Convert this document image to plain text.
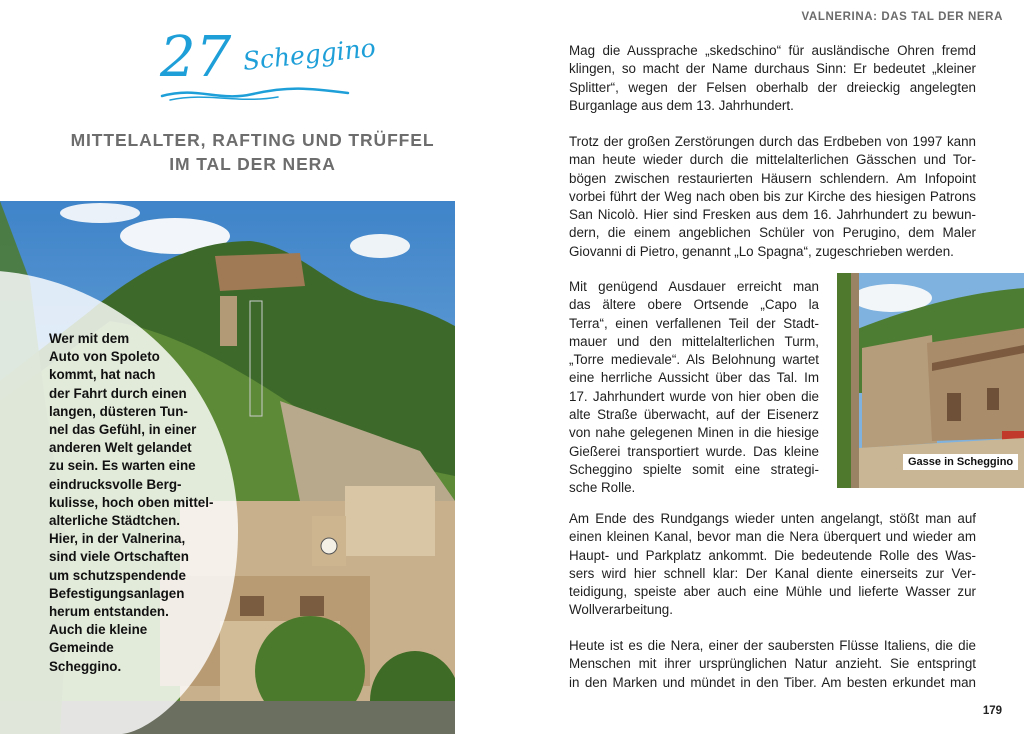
VALNERINA: DAS TAL DER NERA
27 Scheggino
MITTELALTER, RAFTING UND TRÜFFEL
IM TAL DER NERA
Wer mit dem
Auto von Spoleto
kommt, hat nach
der Fahrt durch einen
langen, düsteren Tun-
nel das Gefühl, in einer
anderen Welt gelandet
zu sein. Es warten eine
eindrucksvolle Berg-
kulisse, hoch oben mittel-
alterliche Städtchen.
Hier, in der Valnerina,
sind viele Ortschaften
um schutzspendende
Befestigungsanlagen
herum entstanden.
Auch die kleine
Gemeinde
Scheggino.
Mag die Aussprache „skedschino“ für ausländische Ohren fremd
klingen, so macht der Name durchaus Sinn: Er bedeutet „kleiner
Splitter“, wegen der Felsen oberhalb der dreieckig angelegten
Burganlage aus dem 13. Jahrhundert.
Trotz der großen Zerstörungen durch das Erdbeben von 1997 kann
man heute wieder durch die mittelalterlichen Gässchen und Tor-
bögen zwischen restaurierten Häusern schlendern. Am Infopoint
vorbei führt der Weg nach oben bis zur Kirche des hiesigen Patrons
San Nicolò. Hier sind Fresken aus dem 16. Jahrhundert zu bewun-
dern, die einem angeblichen Schüler von Perugino, dem Maler
Giovanni di Pietro, genannt „Lo Spagna“, zugeschrieben werden.
Mit genügend Ausdauer erreicht man
das ältere obere Ortsende „Capo la
Terra“, einen verfallenen Teil der Stadt-
mauer und den mittelalterlichen Turm,
„Torre medievale“. Als Belohnung wartet
eine herrliche Aussicht über das Tal. Im
17. Jahrhundert wurde von hier oben die
alte Straße überwacht, auf der Eisenerz
von nahe gelegenen Minen in die hiesige
Gießerei transportiert wurde. Das kleine
Scheggino spielte somit eine strategi-
sche Rolle.
Gasse in Scheggino
Am Ende des Rundgangs wieder unten angelangt, stößt man auf
einen kleinen Kanal, bevor man die Nera überquert und wieder am
Haupt- und Parkplatz ankommt. Die bedeutende Rolle des Was-
sers wird hier schnell klar: Der Kanal diente einerseits zur Ver-
teidigung, speiste aber auch eine Mühle und lieferte Wasser zur
Wollverarbeitung.
Heute ist es die Nera, einer der saubersten Flüsse Italiens, die die
Menschen mit ihrer ursprünglichen Natur anzieht. Sie entspringt
in den Marken und mündet in den Tiber. Am besten erkundet man
179
